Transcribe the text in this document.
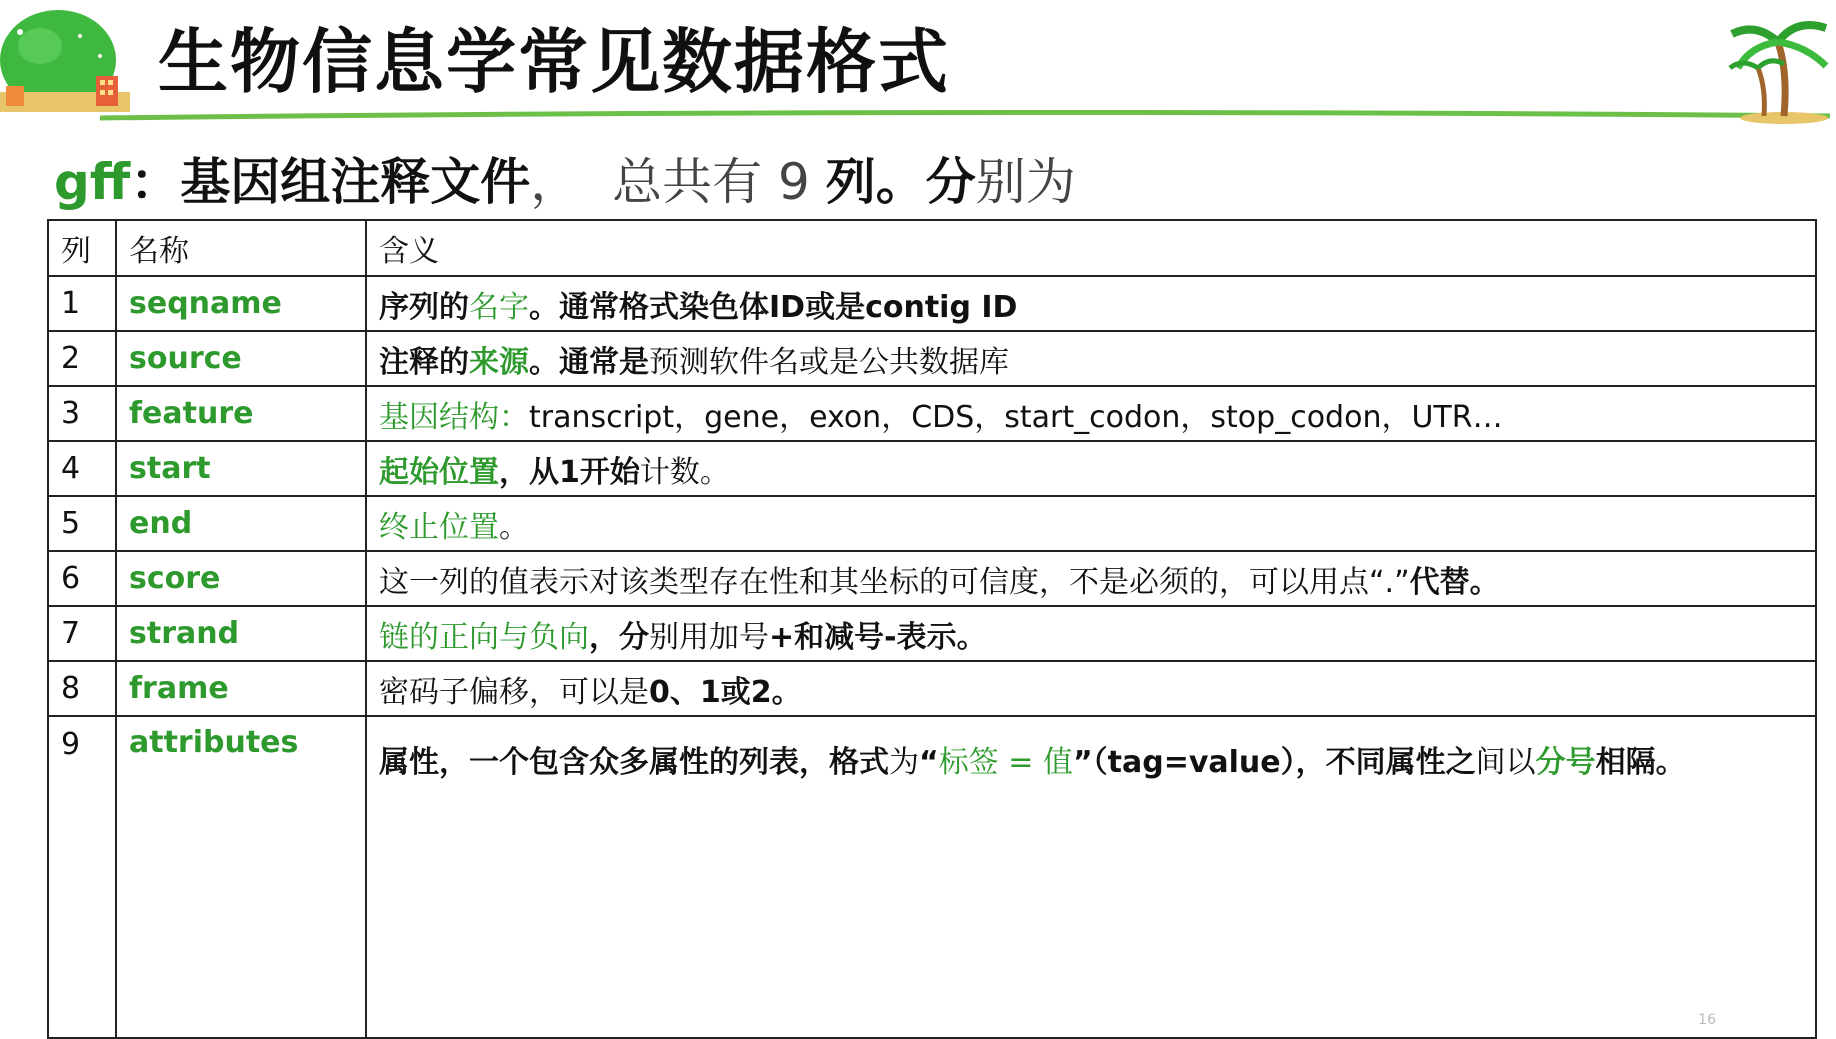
生物信息学常见数据格式
gff：基因组注释文件， 总共有 9 列。分别为
列	名称	含义
1	seqname	序列的名字。通常格式染色体ID或是contig ID
2	source	注释的来源。通常是预测软件名或是公共数据库
3	feature	基因结构：transcript，gene，exon，CDS，start_codon，stop_codon，UTR…
4	start	起始位置，从1开始计数。
5	end	终止位置。
6	score	这一列的值表示对该类型存在性和其坐标的可信度，不是必须的，可以用点“.”代替。
7	strand	链的正向与负向，分别用加号+和减号-表示。
8	frame	密码子偏移，可以是0、1或2。
9	attributes	属性，一个包含众多属性的列表，格式为“标签 = 值”（tag=value），不同属性之间以分号相隔。
16
